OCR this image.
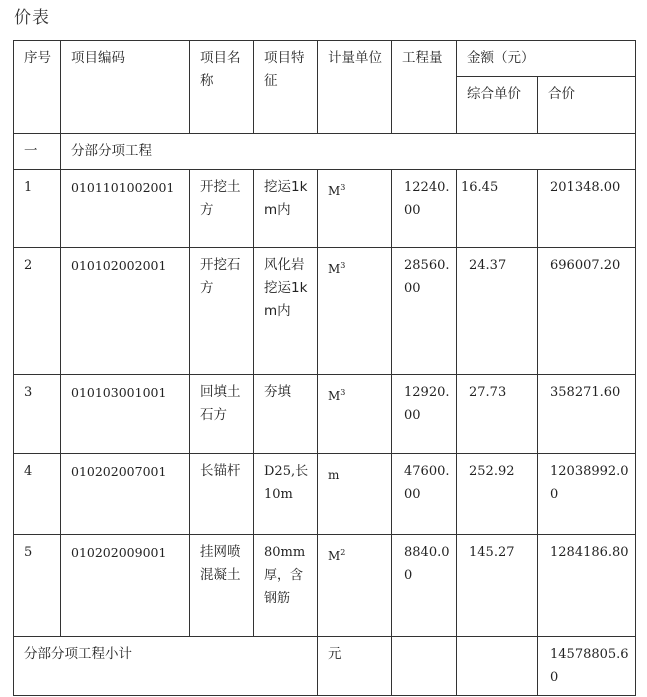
价表
序号	项目编码	项目名称	项目特征	计量单位	工程量	金额（元）	
						综合单价	合价
一	分部分项工程						
1	0101101002001	开挖土方	挖运1km内	$M^3$	12240.00	16.45	201348.00
2	010102002001	开挖石方	风化岩挖运1km内	$M^3$	28560.00	24.37	696007.20
3	010103001001	回填土石方	夯填	$M^3$	12920.00	27.73	358271.60
4	010202007001	长锚杆	D25,长10m	m	47600.00	252.92	12038992.00
5	010202009001	挂网喷混凝土	80mm厚，含钢筋	$M^2$	8840.00	145.27	1284186.80
分部分项工程小计				元			14578805.60
